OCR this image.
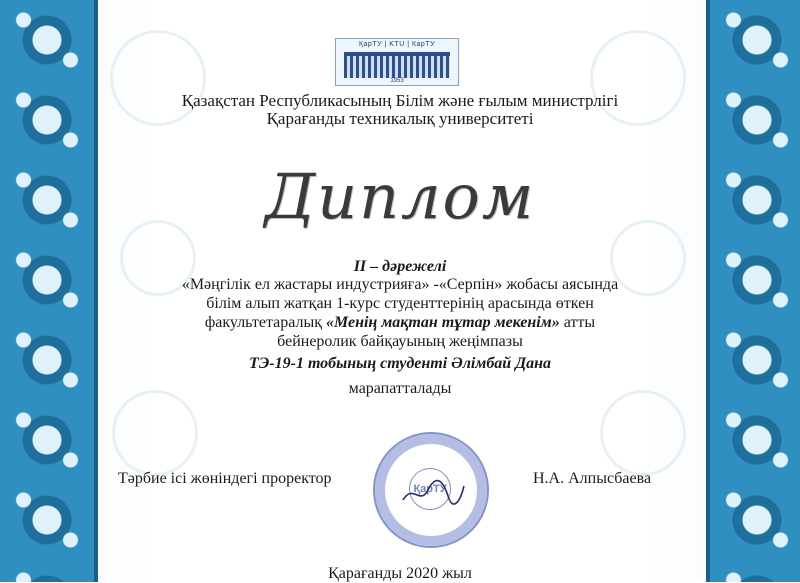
ҚарТУ | KTU | КарТУ
1953
Қазақстан Республикасының Білім және ғылым министрлігі
Қарағанды техникалық университеті
Диплом
II – дәрежелі
«Мәңгілік ел жастары индустрияға» -«Серпін» жобасы аясында
білім алып жатқан 1-курс студенттерінің арасында өткен
факультетаралық «Менің мақтан тұтар мекенім» атты
бейнеролик байқауының жеңімпазы
ТЭ-19-1 тобының студенті Әлімбай Дана
марапатталады
Тәрбие ісі жөніндегі проректор	Н.А. Алпысбаева
ҚарТУ
Қарағанды 2020 жыл
